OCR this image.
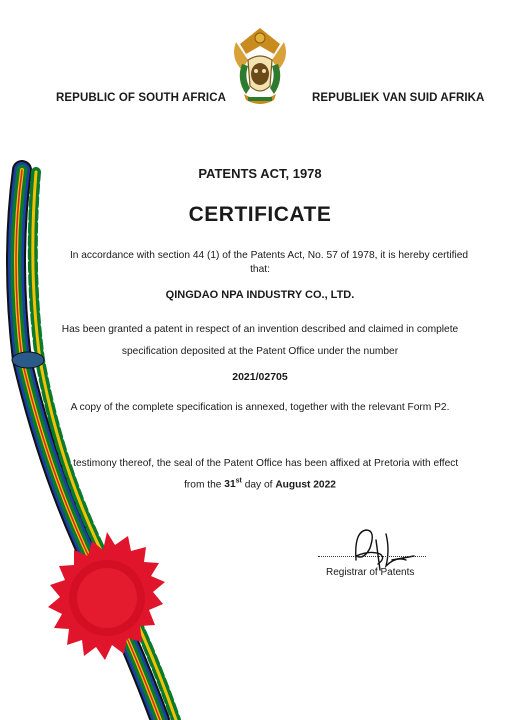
REPUBLIC OF SOUTH AFRICA	REPUBLIEK VAN SUID AFRIKA
PATENTS ACT, 1978
CERTIFICATE
In accordance with section 44 (1) of the Patents Act, No. 57 of 1978, it is hereby certified
that:
QINGDAO NPA INDUSTRY CO., LTD.
Has been granted a patent in respect of an invention described and claimed in complete
specification deposited at the Patent Office under the number
2021/02705
A copy of the complete specification is annexed, together with the relevant Form P2.
In testimony thereof, the seal of the Patent Office has been affixed at Pretoria with effect
from the 31st day of August 2022
Registrar of Patents
